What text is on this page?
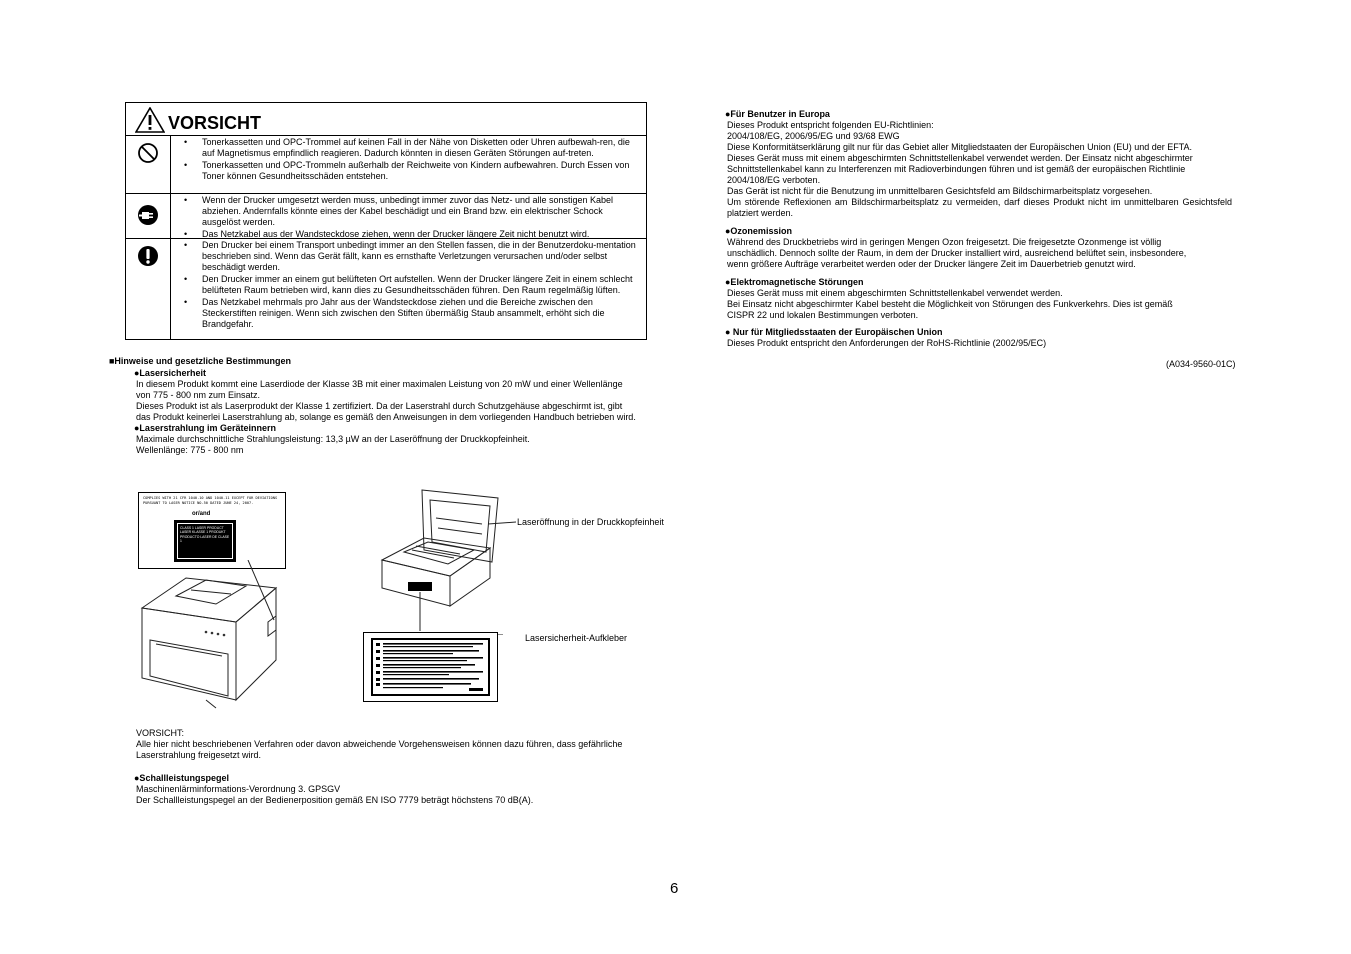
VORSICHT
• Tonerkassetten und OPC-Trommel auf keinen Fall in der Nähe von Disketten oder Uhren aufbewah-ren, die auf Magnetismus empfindlich reagieren. Dadurch könnten in diesen Geräten Störungen auf-treten.
• Tonerkassetten und OPC-Trommeln außerhalb der Reichweite von Kindern aufbewahren. Durch Essen von Toner können Gesundheitsschäden entstehen.
• Wenn der Drucker umgesetzt werden muss, unbedingt immer zuvor das Netz- und alle sonstigen Kabel abziehen. Andernfalls könnte eines der Kabel beschädigt und ein Brand bzw. ein elektrischer Schock ausgelöst werden.
• Das Netzkabel aus der Wandsteckdose ziehen, wenn der Drucker längere Zeit nicht benutzt wird.
• Den Drucker bei einem Transport unbedingt immer an den Stellen fassen, die in der Benutzerdoku-mentation beschrieben sind. Wenn das Gerät fällt, kann es ernsthafte Verletzungen verursachen und/oder selbst beschädigt werden.
• Den Drucker immer an einem gut belüfteten Ort aufstellen. Wenn der Drucker längere Zeit in einem schlecht belüfteten Raum betrieben wird, kann dies zu Gesundheitsschäden führen. Den Raum regelmäßig lüften.
• Das Netzkabel mehrmals pro Jahr aus der Wandsteckdose ziehen und die Bereiche zwischen den Steckerstiften reinigen. Wenn sich zwischen den Stiften übermäßig Staub ansammelt, erhöht sich die Brandgefahr.
■Hinweise und gesetzliche Bestimmungen
●Lasersicherheit

In diesem Produkt kommt eine Laserdiode der Klasse 3B mit einer maximalen Leistung von 20 mW und einer Wellenlänge

von 775 - 800 nm zum Einsatz.

Dieses Produkt ist als Laserprodukt der Klasse 1 zertifiziert. Da der Laserstrahl durch Schutzgehäuse abgeschirmt ist, gibt

das Produkt keinerlei Laserstrahlung ab, solange es gemäß den Anweisungen in dem vorliegenden Handbuch betrieben wird.

●Laserstrahlung im Geräteinnern

Maximale durchschnittliche Strahlungsleistung: 13,3 µW an der Laseröffnung der Druckkopfeinheit.

Wellenlänge: 775 - 800 nm

COMPLIES WITH 21 CFR 1040.10 AND 1040.11 EXCEPT FOR DEVIATIONS PURSUANT TO LASER NOTICE NO.50 DATED JUNE 24, 2007.
or/and
CLASS 1 LASER PRODUCT
LASER KLASSE 1 PRODUKT
PRODUCTO LASER DE CLASE 1
Laseröffnung in der Druckkopfeinheit
Lasersicherheit-Aufkleber

VORSICHT:

Alle hier nicht beschriebenen Verfahren oder davon abweichende Vorgehensweisen können dazu führen, dass gefährliche

Laserstrahlung freigesetzt wird.

●Schallleistungspegel

Maschinenlärminformations-Verordnung 3. GPSGV

Der Schallleistungspegel an der Bedienerposition gemäß EN ISO 7779 beträgt höchstens 70 dB(A).

●Für Benutzer in Europa

Dieses Produkt entspricht folgenden EU-Richtlinien:

2004/108/EG, 2006/95/EG und 93/68 EWG

Diese Konformitätserklärung gilt nur für das Gebiet aller Mitgliedstaaten der Europäischen Union (EU) und der EFTA.

Dieses Gerät muss mit einem abgeschirmten Schnittstellenkabel verwendet werden. Der Einsatz nicht abgeschirmter

Schnittstellenkabel kann zu Interferenzen mit Radioverbindungen führen und ist gemäß der europäischen Richtlinie

2004/108/EG verboten.

Das Gerät ist nicht für die Benutzung im unmittelbaren Gesichtsfeld am Bildschirmarbeitsplatz vorgesehen.

Um störende Reflexionen am Bildschirmarbeitsplatz zu vermeiden, darf dieses Produkt nicht im unmittelbaren Gesichtsfeld platziert werden.
●Ozonemission

Während des Druckbetriebs wird in geringen Mengen Ozon freigesetzt. Die freigesetzte Ozonmenge ist völlig

unschädlich. Dennoch sollte der Raum, in dem der Drucker installiert wird, ausreichend belüftet sein, insbesondere,

wenn größere Aufträge verarbeitet werden oder der Drucker längere Zeit im Dauerbetrieb genutzt wird.

●Elektromagnetische Störungen

Dieses Gerät muss mit einem abgeschirmten Schnittstellenkabel verwendet werden.

Bei Einsatz nicht abgeschirmter Kabel besteht die Möglichkeit von Störungen des Funkverkehrs. Dies ist gemäß

CISPR 22 und lokalen Bestimmungen verboten.

● Nur für Mitgliedsstaaten der Europäischen Union

Dieses Produkt entspricht den Anforderungen der RoHS-Richtlinie (2002/95/EC)

(A034-9560-01C)
6
